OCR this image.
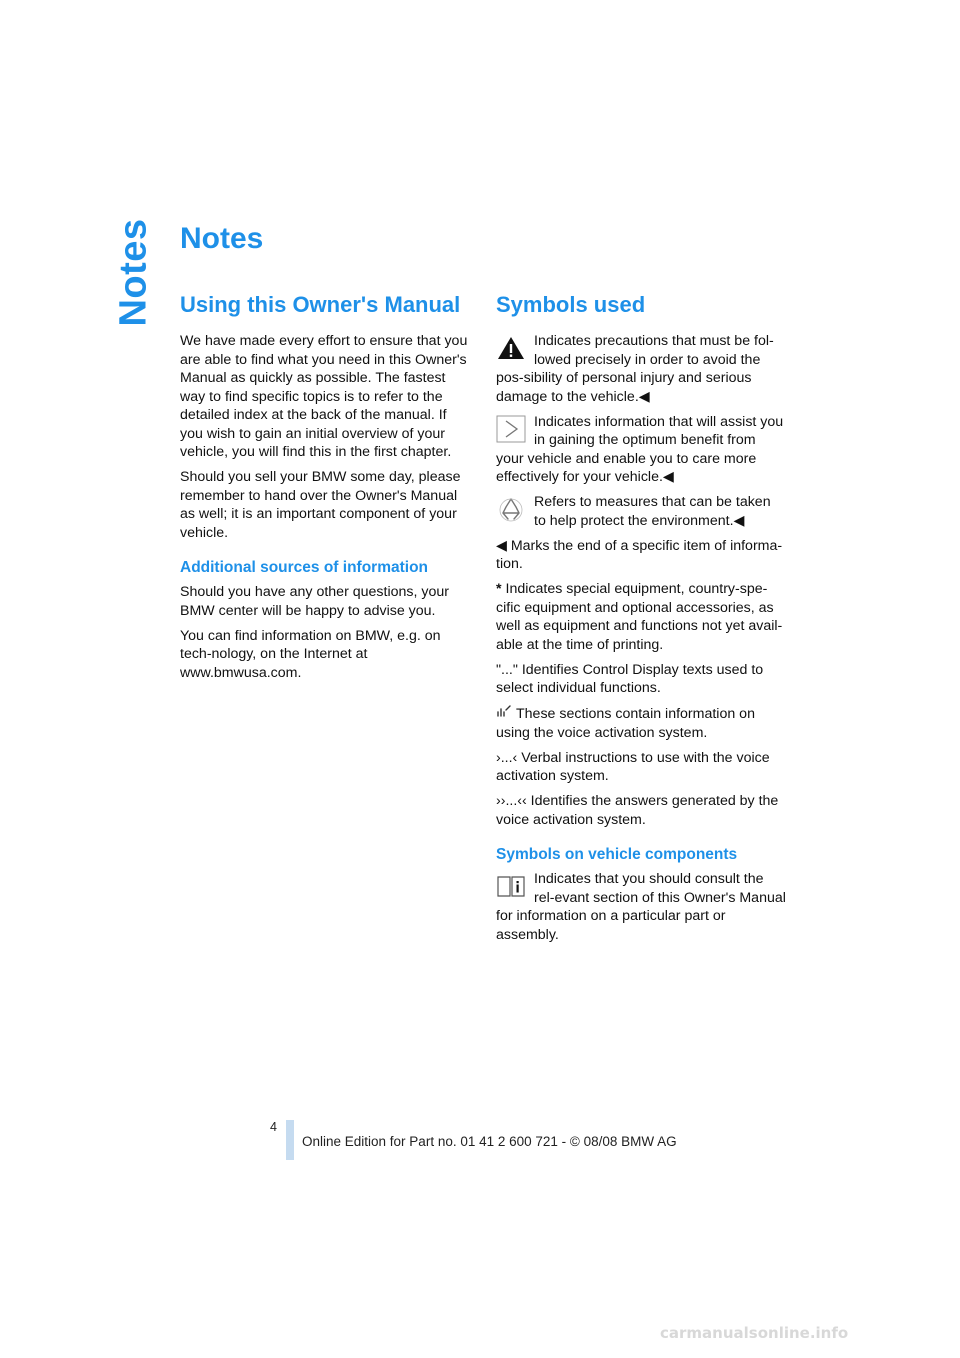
Notes Notes
Using this Owner's Manual

We have made every effort to ensure that you are able to find what you need in this Owner's Manual as quickly as possible. The fastest way to find specific topics is to refer to the detailed index at the back of the manual. If you wish to gain an initial overview of your vehicle, you will find this in the first chapter.

Should you sell your BMW some day, please remember to hand over the Owner's Manual as well; it is an important component of your vehicle.

Additional sources of information

Should you have any other questions, your BMW center will be happy to advise you.

You can find information on BMW, e.g. on tech-nology, on the Internet at www.bmwusa.com.

Symbols used
Indicates precautions that must be fol-lowed precisely in order to avoid the pos-sibility of personal injury and serious damage to the vehicle.◀
Indicates information that will assist you in gaining the optimum benefit from your vehicle and enable you to care more effectively for your vehicle.◀
Refers to measures that can be taken to help protect the environment.◀

◀ Marks the end of a specific item of informa-tion.

* Indicates special equipment, country-spe-cific equipment and optional accessories, as well as equipment and functions not yet avail-able at the time of printing.

"..." Identifies Control Display texts used to select individual functions.

These sections contain information on using the voice activation system.

›...‹ Verbal instructions to use with the voice activation system.

››...‹‹ Identifies the answers generated by the voice activation system.

Symbols on vehicle components
Indicates that you should consult the rel-evant section of this Owner's Manual for information on a particular part or assembly.
4
Online Edition for Part no. 01 41 2 600 721 - © 08/08 BMW AG
carmanualsonline.info
